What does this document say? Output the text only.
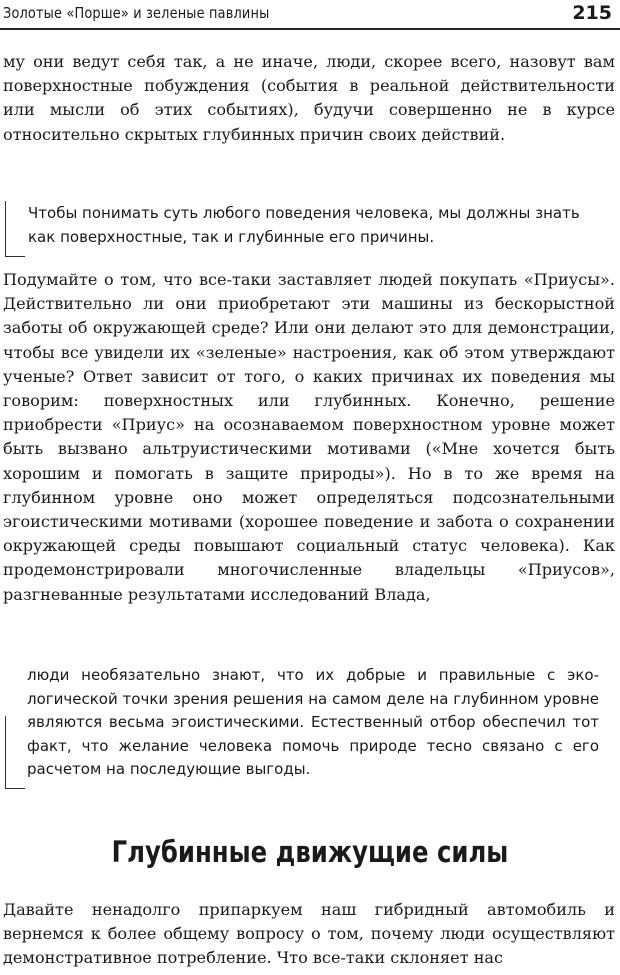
Золотые «Порше» и зеленые павлины	215

му они ведут себя так, а не иначе, люди, скорее всего, назовут вам поверхностные побуждения (события в реальной действительности или мысли об этих событиях), будучи совершенно не в курсе относительно скрытых глубинных причин своих действий.

Чтобы понимать суть любого поведения человека, мы должны знать как поверхностные, так и глубинные его причины.

Подумайте о том, что все-таки заставляет людей покупать «Приусы». Действительно ли они приобретают эти машины из бескорыстной заботы об окружающей среде? Или они делают это для демонстрации, чтобы все увидели их «зеленые» настроения, как об этом утверждают ученые? Ответ зависит от того, о каких причинах их поведения мы говорим: поверхностных или глубинных. Конечно, решение приобрести «Приус» на осознаваемом поверхностном уровне может быть вызвано альтруистическими мотивами («Мне хочется быть хорошим и помогать в защите природы»). Но в то же время на глубинном уровне оно может определяться подсознательными эгоистическими мотивами (хорошее поведение и забота о сохранении окружающей среды повышают социальный статус человека). Как продемонстрировали многочисленные владельцы «Приусов», разгневанные результатами исследований Влада,

люди необязательно знают, что их добрые и правильные с экологической точки зрения решения на самом деле на глубинном уровне являются весьма эгоистическими. Естественный отбор обеспечил тот факт, что желание человека помочь природе тесно связано с его расчетом на последующие выгоды.

Глубинные движущие силы

Давайте ненадолго припаркуем наш гибридный автомобиль и вернемся к более общему вопросу о том, почему люди осуществляют демонстративное потребление. Что все-таки склоняет нас
